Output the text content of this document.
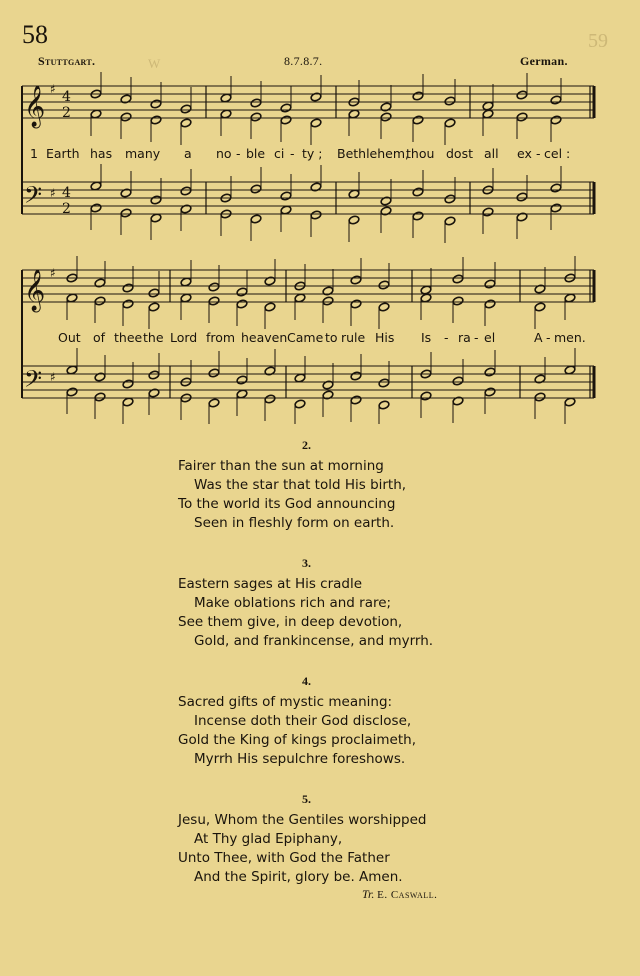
58
Stuttgart.	8.7.8.7.	German.
59
W
𝄞
𝄢
♯
♯
4
2
4
2
1 Earth has many a no - ble ci - ty ; Bethlehem,
thou dost all ex - cel :
𝄞
𝄢
♯
♯
Out of thee the Lord from heaven Came to rule His Is - ra - el	A - men.
2.
Fairer than the sun at morning
Was the star that told His birth,
To the world its God announcing
Seen in fleshly form on earth.
3.
Eastern sages at His cradle
Make oblations rich and rare;
See them give, in deep devotion,
Gold, and frankincense, and myrrh.
4.
Sacred gifts of mystic meaning:
Incense doth their God disclose,
Gold the King of kings proclaimeth,
Myrrh His sepulchre foreshows.
5.
Jesu, Whom the Gentiles worshipped
At Thy glad Epiphany,
Unto Thee, with God the Father
And the Spirit, glory be. Amen.
Tr. E. Caswall.
